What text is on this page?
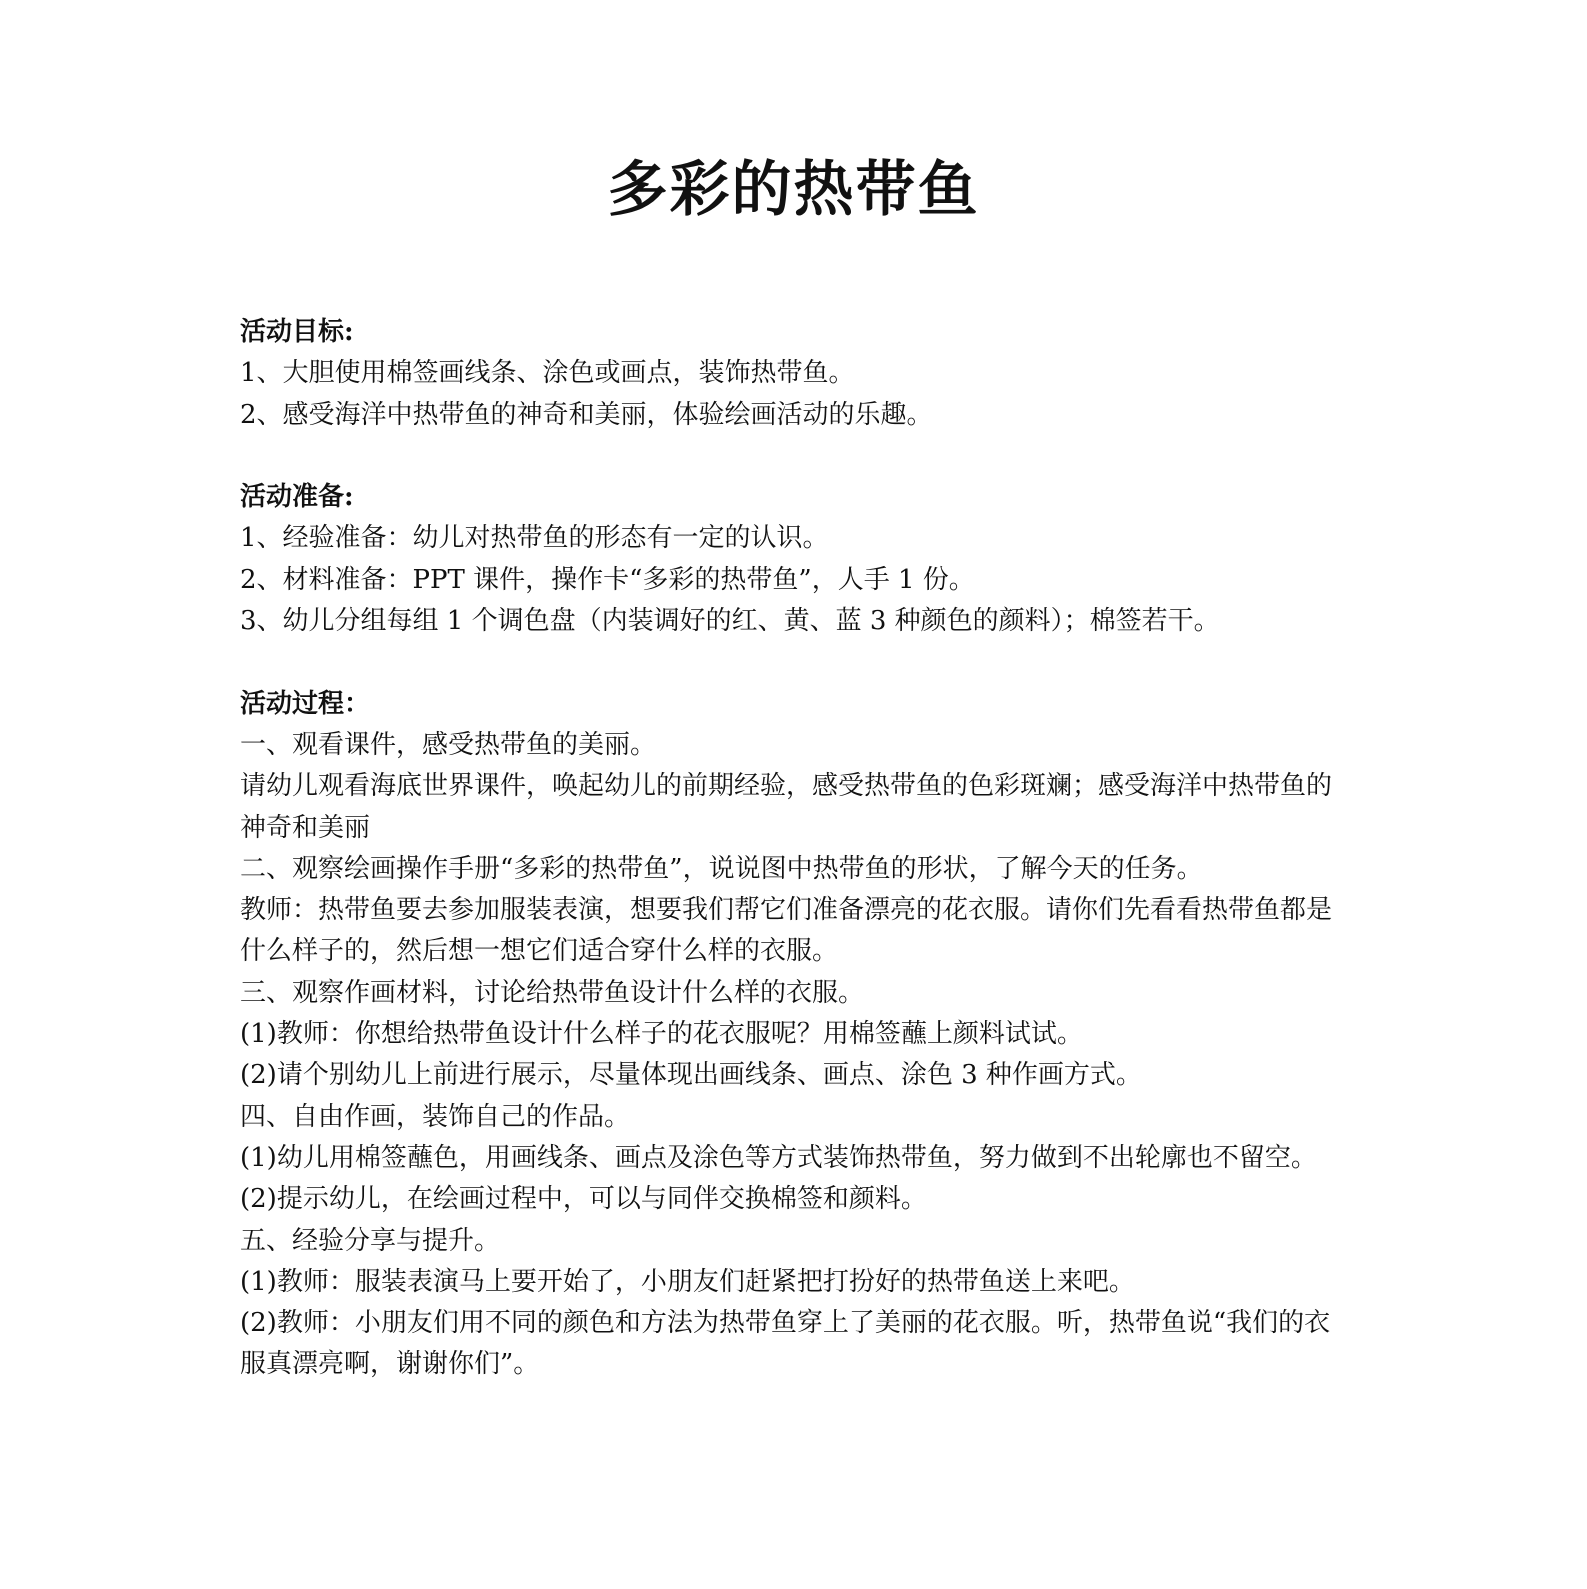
多彩的热带鱼

活动目标:

1、大胆使用棉签画线条、涂色或画点，装饰热带鱼。

2、感受海洋中热带鱼的神奇和美丽，体验绘画活动的乐趣。

活动准备:

1、经验准备：幼儿对热带鱼的形态有一定的认识。

2、材料准备：PPT 课件，操作卡“多彩的热带鱼”，人手 1 份。

3、幼儿分组每组 1 个调色盘（内装调好的红、黄、蓝 3 种颜色的颜料）；棉签若干。

活动过程：

一、观看课件，感受热带鱼的美丽。

请幼儿观看海底世界课件，唤起幼儿的前期经验，感受热带鱼的色彩斑斓；感受海洋中热带鱼的神奇和美丽

二、观察绘画操作手册“多彩的热带鱼”，说说图中热带鱼的形状，了解今天的任务。

教师：热带鱼要去参加服装表演，想要我们帮它们准备漂亮的花衣服。请你们先看看热带鱼都是什么样子的，然后想一想它们适合穿什么样的衣服。

三、观察作画材料，讨论给热带鱼设计什么样的衣服。

(1)教师：你想给热带鱼设计什么样子的花衣服呢？用棉签蘸上颜料试试。

(2)请个别幼儿上前进行展示，尽量体现出画线条、画点、涂色 3 种作画方式。

四、自由作画，装饰自己的作品。

(1)幼儿用棉签蘸色，用画线条、画点及涂色等方式装饰热带鱼，努力做到不出轮廓也不留空。

(2)提示幼儿，在绘画过程中，可以与同伴交换棉签和颜料。

五、经验分享与提升。

(1)教师：服装表演马上要开始了，小朋友们赶紧把打扮好的热带鱼送上来吧。

(2)教师：小朋友们用不同的颜色和方法为热带鱼穿上了美丽的花衣服。听，热带鱼说“我们的衣服真漂亮啊，谢谢你们”。
